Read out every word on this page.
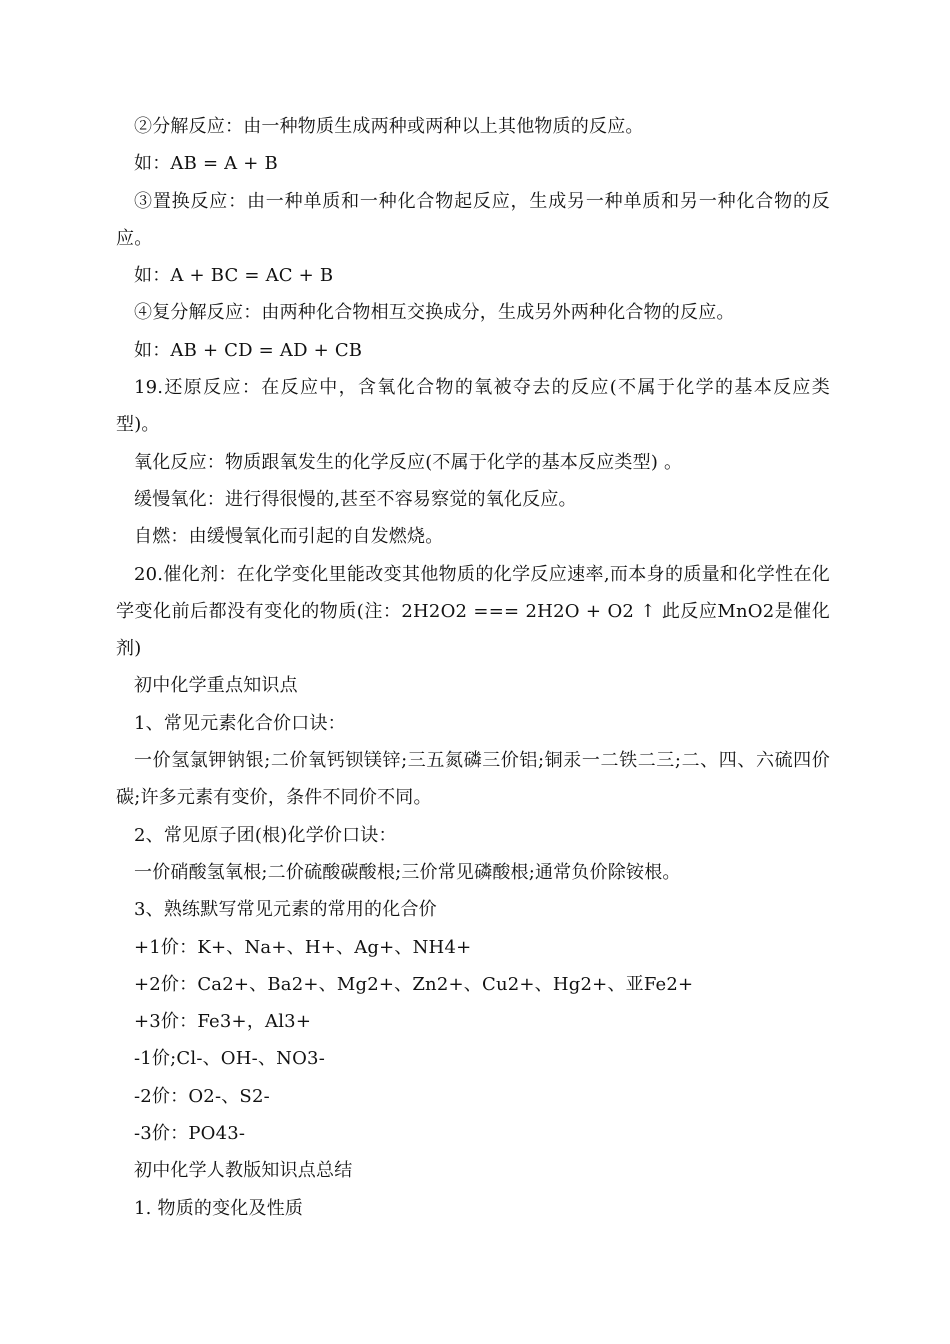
②分解反应：由一种物质生成两种或两种以上其他物质的反应。
如：AB = A + B
③置换反应：由一种单质和一种化合物起反应，生成另一种单质和另一种化合物的反应。
如：A + BC = AC + B
④复分解反应：由两种化合物相互交换成分，生成另外两种化合物的反应。
如：AB + CD = AD + CB
19.还原反应：在反应中，含氧化合物的氧被夺去的反应(不属于化学的基本反应类型)。
氧化反应：物质跟氧发生的化学反应(不属于化学的基本反应类型) 。
缓慢氧化：进行得很慢的,甚至不容易察觉的氧化反应。
自燃：由缓慢氧化而引起的自发燃烧。
20.催化剂：在化学变化里能改变其他物质的化学反应速率,而本身的质量和化学性在化学变化前后都没有变化的物质(注：2H2O2 === 2H2O + O2 ↑ 此反应MnO2是催化剂)
初中化学重点知识点
1、常见元素化合价口诀：
一价氢氯钾钠银;二价氧钙钡镁锌;三五氮磷三价铝;铜汞一二铁二三;二、四、六硫四价碳;许多元素有变价，条件不同价不同。
2、常见原子团(根)化学价口诀：
一价硝酸氢氧根;二价硫酸碳酸根;三价常见磷酸根;通常负价除铵根。
3、熟练默写常见元素的常用的化合价
+1价：K+、Na+、H+、Ag+、NH4+
+2价：Ca2+、Ba2+、Mg2+、Zn2+、Cu2+、Hg2+、亚Fe2+
+3价：Fe3+，Al3+
-1价;Cl-、OH-、NO3-
-2价：O2-、S2-
-3价：PO43-
初中化学人教版知识点总结
1. 物质的变化及性质
